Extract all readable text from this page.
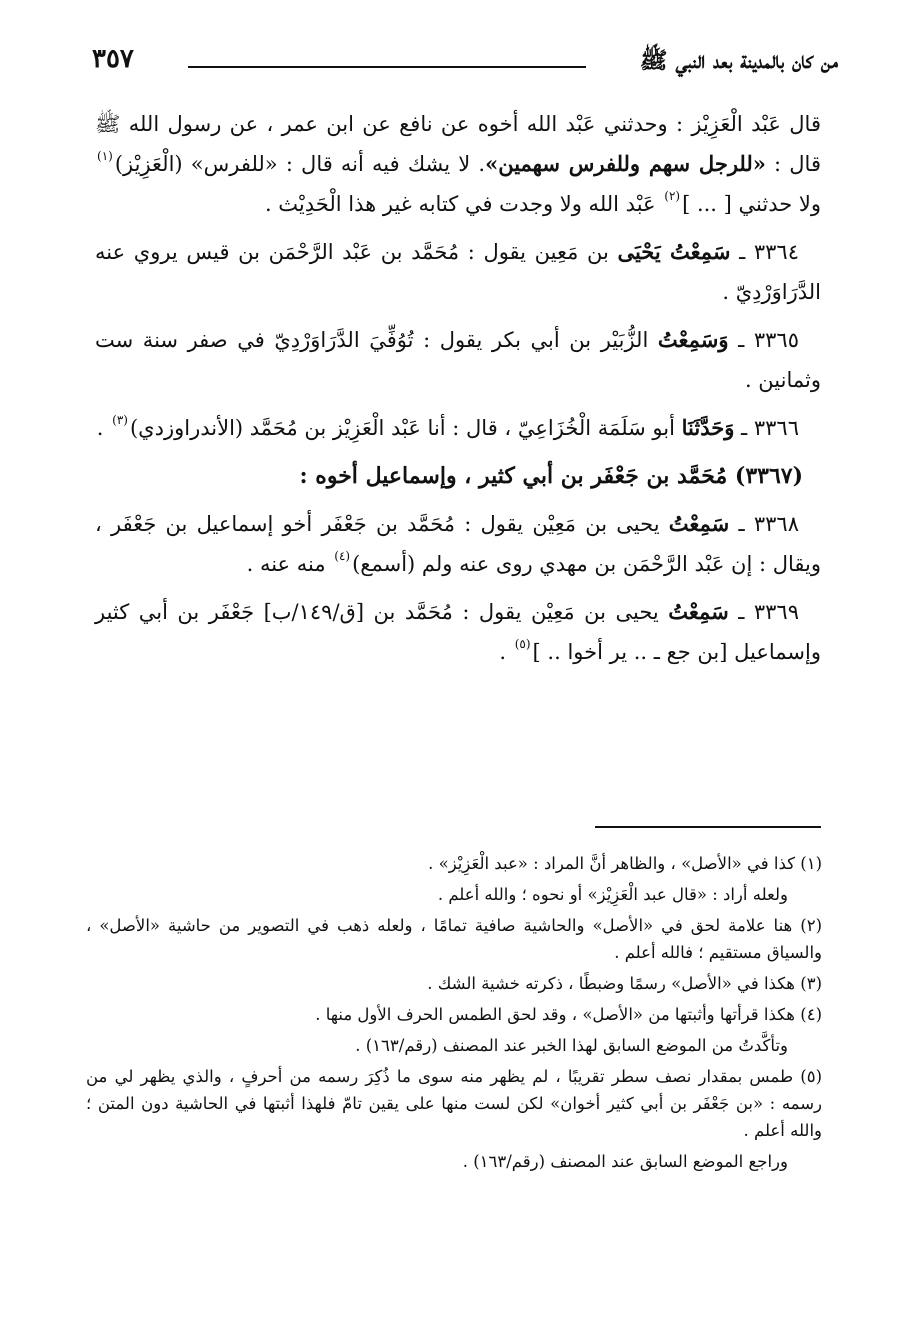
من كان بالمدينة بعد النبي ﷺ
٣٥٧

قال عَبْد الْعَزِيْز : وحدثني عَبْد الله أخوه عن نافع عن ابن عمر ، عن رسول الله ﷺ قال : «للرجل سهم وللفرس سهمين». لا يشك فيه أنه قال : «للفرس» (الْعَزِيْز)$^{(١)}$ ولا حدثني [ ... ]$^{(٢)}$ عَبْد الله ولا وجدت في كتابه غير هذا الْحَدِيْث .

٣٣٦٤ ـ سَمِعْتُ يَحْيَى بن مَعِين يقول : مُحَمَّد بن عَبْد الرَّحْمَن بن قيس يروي عنه الدَّرَاوَرْدِيّ .

٣٣٦٥ ـ وَسَمِعْتُ الزُّبَيْر بن أبي بكر يقول : تُوُفِّيَ الدَّرَاوَرْدِيّ في صفر سنة ست وثمانين .

٣٣٦٦ ـ وَحَدَّثَنَا أبو سَلَمَة الْخُزَاعِيّ ، قال : أنا عَبْد الْعَزِيْز بن مُحَمَّد (الأندراوزدي)$^{(٣)}$ .

(٣٣٦٧) مُحَمَّد بن جَعْفَر بن أبي كثير ، وإسماعيل أخوه :

٣٣٦٨ ـ سَمِعْتُ يحيى بن مَعِيْن يقول : مُحَمَّد بن جَعْفَر أخو إسماعيل بن جَعْفَر ، ويقال : إن عَبْد الرَّحْمَن بن مهدي روى عنه ولم (أسمع)$^{(٤)}$ منه عنه .

٣٣٦٩ ـ سَمِعْتُ يحيى بن مَعِيْن يقول : مُحَمَّد بن [ق/١٤٩/ب] جَعْفَر بن أبي كثير وإسماعيل [بن جع ـ .. ير أخوا .. ]$^{(٥)}$ .

(١) كذا في «الأصل» ، والظاهر أنَّ المراد : «عبد الْعَزِيْز» .

ولعله أراد : «قال عبد الْعَزِيْز» أو نحوه ؛ والله أعلم .

(٢) هنا علامة لحق في «الأصل» والحاشية صافية تمامًا ، ولعله ذهب في التصوير من حاشية «الأصل» ، والسياق مستقيم ؛ فالله أعلم .

(٣) هكذا في «الأصل» رسمًا وضبطًا ، ذكرته خشية الشك .

(٤) هكذا قرأتها وأثبتها من «الأصل» ، وقد لحق الطمس الحرف الأول منها .

وتأكَّدتُ من الموضع السابق لهذا الخبر عند المصنف (رقم/١٦٣) .

(٥) طمس بمقدار نصف سطر تقريبًا ، لم يظهر منه سوى ما ذُكِرَ رسمه من أحرفٍ ، والذي يظهر لي من رسمه : «بن جَعْفَر بن أبي كثير أخوان» لكن لست منها على يقين تامّ فلهذا أثبتها في الحاشية دون المتن ؛ والله أعلم .

وراجع الموضع السابق عند المصنف (رقم/١٦٣) .
